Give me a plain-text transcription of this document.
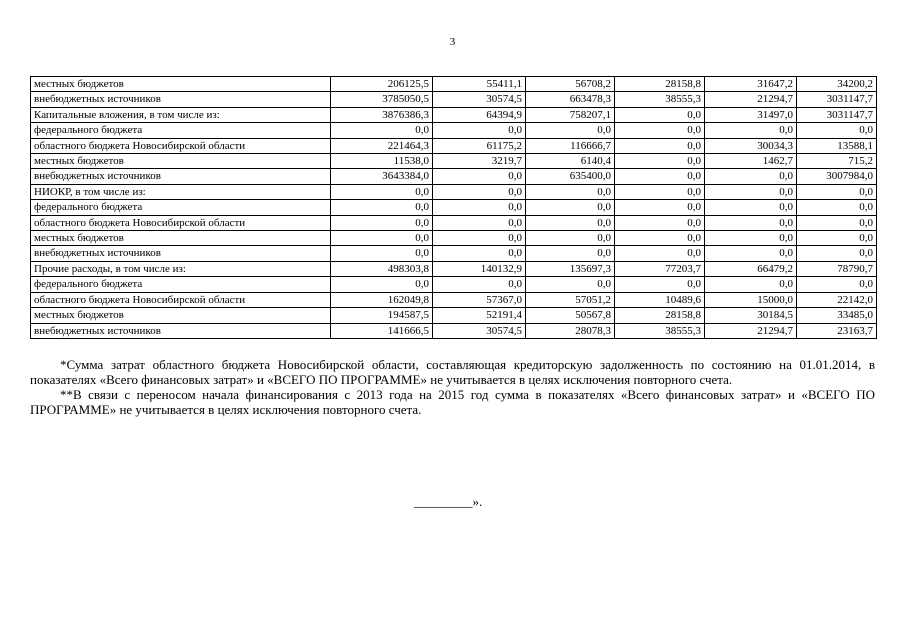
3
местных бюджетов	206125,5	55411,1	56708,2	28158,8	31647,2	34200,2
внебюджетных источников	3785050,5	30574,5	663478,3	38555,3	21294,7	3031147,7
Капитальные вложения, в том числе из:	3876386,3	64394,9	758207,1	0,0	31497,0	3031147,7
федерального бюджета	0,0	0,0	0,0	0,0	0,0	0,0
областного бюджета Новосибирской области	221464,3	61175,2	116666,7	0,0	30034,3	13588,1
местных бюджетов	11538,0	3219,7	6140,4	0,0	1462,7	715,2
внебюджетных источников	3643384,0	0,0	635400,0	0,0	0,0	3007984,0
НИОКР, в том числе из:	0,0	0,0	0,0	0,0	0,0	0,0
федерального бюджета	0,0	0,0	0,0	0,0	0,0	0,0
областного бюджета Новосибирской области	0,0	0,0	0,0	0,0	0,0	0,0
местных бюджетов	0,0	0,0	0,0	0,0	0,0	0,0
внебюджетных источников	0,0	0,0	0,0	0,0	0,0	0,0
Прочие расходы, в том числе из:	498303,8	140132,9	135697,3	77203,7	66479,2	78790,7
федерального бюджета	0,0	0,0	0,0	0,0	0,0	0,0
областного бюджета Новосибирской области	162049,8	57367,0	57051,2	10489,6	15000,0	22142,0
местных бюджетов	194587,5	52191,4	50567,8	28158,8	30184,5	33485,0
внебюджетных источников	141666,5	30574,5	28078,3	38555,3	21294,7	23163,7

*Сумма затрат областного бюджета Новосибирской области, составляющая кредиторскую задолженность по состоянию на 01.01.2014, в показателях «Всего финансовых затрат» и «ВСЕГО ПО ПРОГРАММЕ» не учитывается в целях исключения повторного счета.

**В связи с переносом начала финансирования с 2013 года на 2015 год сумма в показателях «Всего финансовых затрат» и «ВСЕГО ПО ПРОГРАММЕ» не учитывается в целях исключения повторного счета.

_________».
